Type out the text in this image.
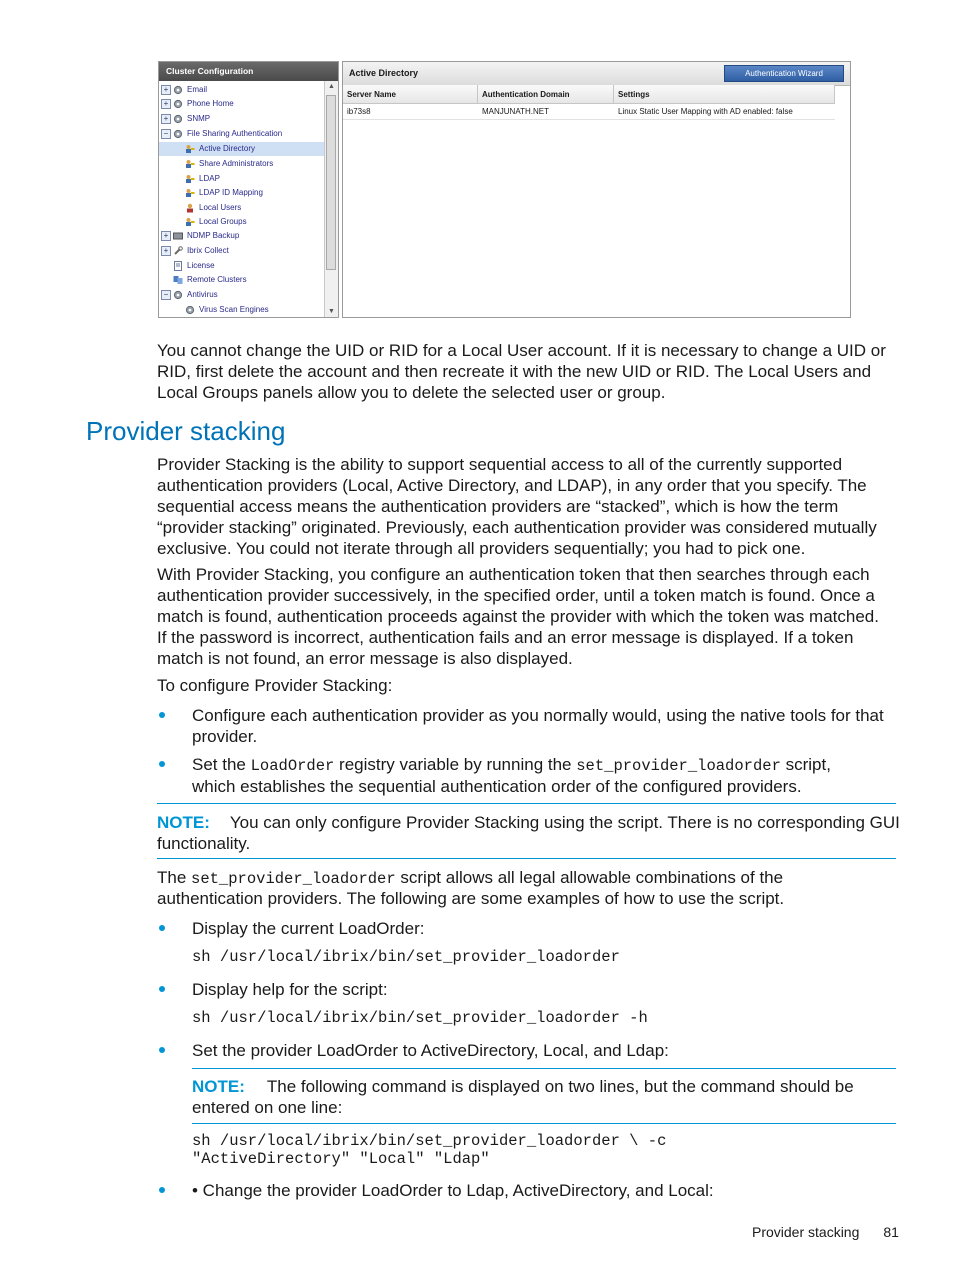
Cluster Configuration
+	Email
+	Phone Home
+	SNMP
−	File Sharing Authentication
Active Directory
Share Administrators
LDAP
LDAP ID Mapping
Local Users
Local Groups
+	NDMP Backup
+	Ibrix Collect
License
Remote Clusters
−	Antivirus
Virus Scan Engines
▲
▼
Active Directory	Authentication Wizard
Server Name	Authentication Domain	Settings
ib73s8	MANJUNATH.NET	Linux Static User Mapping with AD enabled: false
You cannot change the UID or RID for a Local User account. If it is necessary to change a UID or RID, first delete the account and then recreate it with the new UID or RID. The Local Users and Local Groups panels allow you to delete the selected user or group.
Provider stacking
Provider Stacking is the ability to support sequential access to all of the currently supported authentication providers (Local, Active Directory, and LDAP), in any order that you specify. The sequential access means the authentication providers are “stacked”, which is how the term “provider stacking” originated. Previously, each authentication provider was considered mutually exclusive. You could not iterate through all providers sequentially; you had to pick one.
With Provider Stacking, you configure an authentication token that then searches through each authentication provider successively, in the specified order, until a token match is found. Once a match is found, authentication proceeds against the provider with which the token was matched. If the password is incorrect, authentication fails and an error message is displayed. If a token match is not found, an error message is also displayed.
To configure Provider Stacking:
Configure each authentication provider as you normally would, using the native tools for that provider.
Set the LoadOrder registry variable by running the set_provider_loadorder script,
which establishes the sequential authentication order of the configured providers.
NOTE: You can only configure Provider Stacking using the script. There is no corresponding GUI
functionality.
The set_provider_loadorder script allows all legal allowable combinations of the
authentication providers. The following are some examples of how to use the script.
Display the current LoadOrder:
sh /usr/local/ibrix/bin/set_provider_loadorder
Display help for the script:
sh /usr/local/ibrix/bin/set_provider_loadorder -h
Set the provider LoadOrder to ActiveDirectory, Local, and Ldap:
NOTE: The following command is displayed on two lines, but the command should be
entered on one line:
sh /usr/local/ibrix/bin/set_provider_loadorder \ -c
"ActiveDirectory" "Local" "Ldap"
• Change the provider LoadOrder to Ldap, ActiveDirectory, and Local:
Provider stacking 81
